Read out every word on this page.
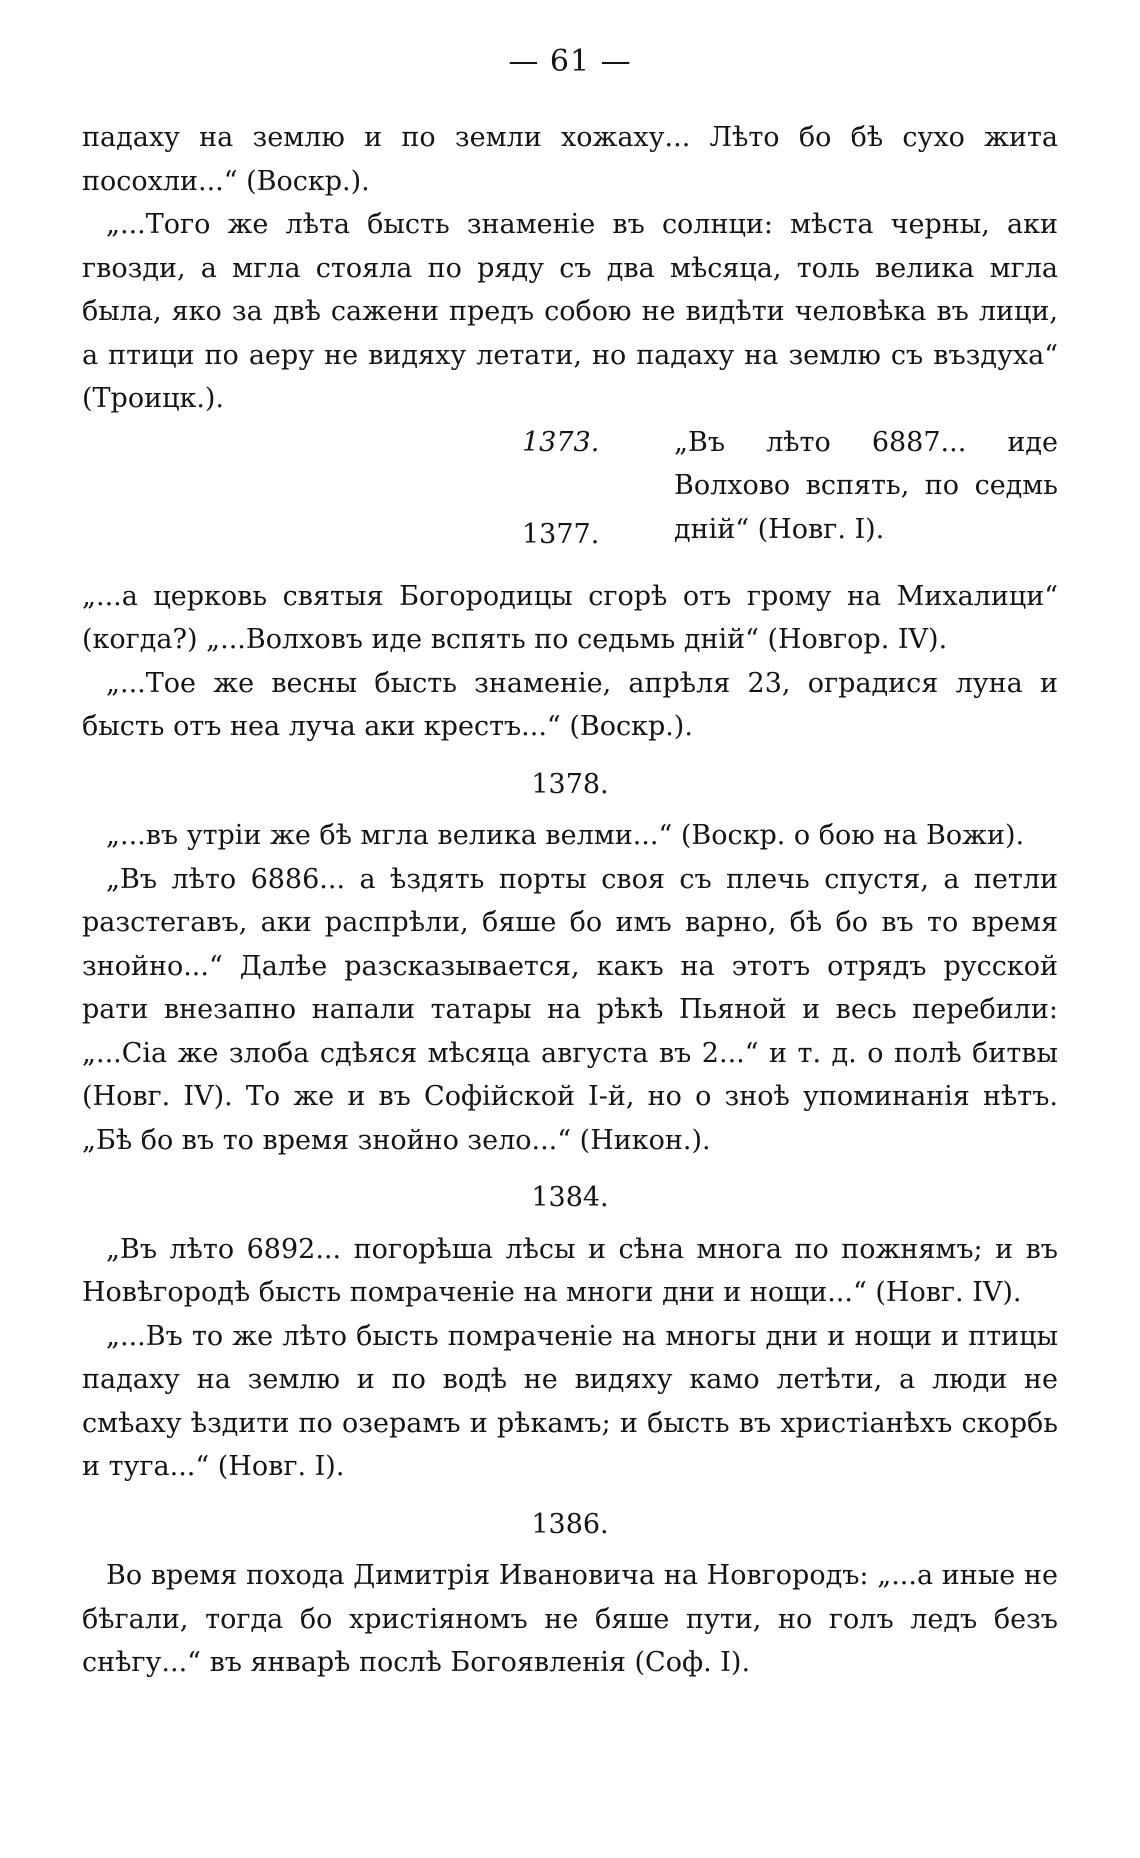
— 61 —

падаху на землю и по земли хожаху... Лѣто бо бѣ сухо жита посохли...“ (Воскр.).

„...Того же лѣта бысть знаменіе въ солнци: мѣста черны, аки гвозди, а мгла стояла по ряду съ два мѣсяца, толь велика мгла была, яко за двѣ сажени предъ собою не видѣти человѣка въ лици, а птици по аеру не видяху летати, но падаху на землю съ въздуха“ (Троицк.).

1373.	„Въ лѣто 6887... иде Волхово вспять, по седмь дній“ (Новг. I).
1377.

„...а церковь святыя Богородицы сгорѣ отъ грому на Михалици“ (когда?) „...Волховъ иде вспять по седьмь дній“ (Новгор. IV).

„...Тое же весны бысть знаменіе, апрѣля 23, оградися луна и бысть отъ неа луча аки крестъ...“ (Воскр.).

1378.

„...въ утріи же бѣ мгла велика велми...“ (Воскр. о бою на Вожи).

„Въ лѣто 6886... а ѣздять порты своя съ плечь спустя, а петли разстегавъ, аки распрѣли, бяше бо имъ варно, бѣ бо въ то время знойно...“ Далѣе разсказывается, какъ на этотъ отрядъ русской рати внезапно напали татары на рѣкѣ Пьяной и весь перебили: „...Сіа же злоба сдѣяся мѣсяца августа въ 2...“ и т. д. о полѣ битвы (Новг. IV). То же и въ Софійской I-й, но о знoѣ упоминанія нѣтъ. „Бѣ бо въ то время знойно зело...“ (Никон.).

1384.

„Въ лѣто 6892... погорѣша лѣсы и сѣна многа по пожнямъ; и въ Новѣгородѣ бысть помраченіе на многи дни и нощи...“ (Новг. IV).

„...Въ то же лѣто бысть помраченіе на многы дни и нощи и птицы падаху на землю и по водѣ не видяху камо летѣти, а люди не смѣаху ѣздити по озерамъ и рѣкамъ; и бысть въ христіанѣхъ скорбь и туга...“ (Новг. I).

1386.

Во время похода Димитрія Ивановича на Новгородъ: „...а иные не бѣгали, тогда бо христіяномъ не бяше пути, но голъ ледъ безъ снѣгу...“ въ январѣ послѣ Богоявленія (Соф. I).
